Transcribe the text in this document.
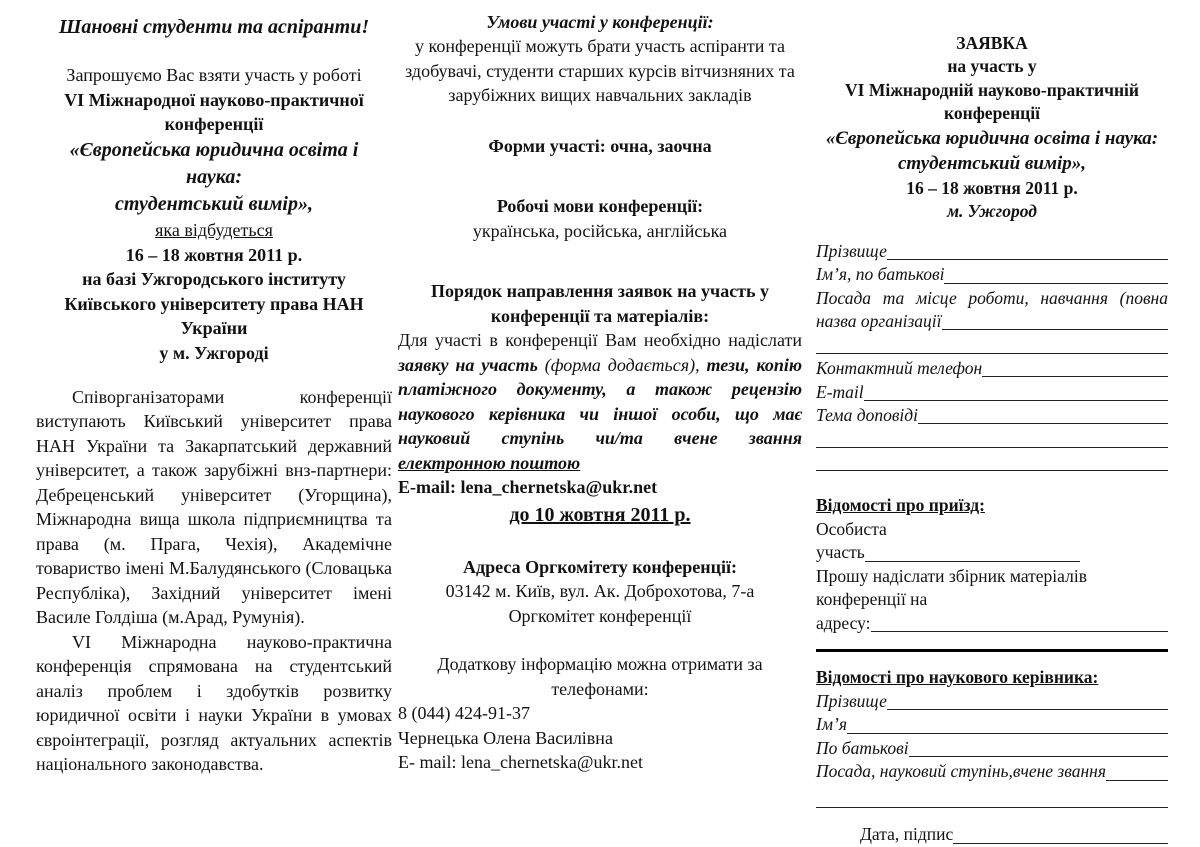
Шановні студенти та аспіранти!
Запрошуємо Вас взяти участь у роботі
VI Міжнародної науково-практичної
конференції
«Європейська юридична освіта і
наука:
студентський вимір»,
яка відбудеться
16 – 18 жовтня 2011 р.
на базі Ужгородського інституту
Київського університету права НАН
України
у м. Ужгороді

Співорганізаторами конференції виступають Київський університет права НАН України та Закарпатський державний університет, а також зарубіжні внз-партнери: Дебреценський університет (Угорщина), Міжнародна вища школа підприємництва та права (м. Прага, Чехія), Академічне товариство імені М.Балудянського (Словацька Республіка), Західний університет імені Василе Голдіша (м.Арад, Румунія).

VI Міжнародна науково-практична конференція спрямована на студентський аналіз проблем і здобутків розвитку юридичної освіти і науки України в умовах євроінтеграції, розгляд актуальних аспектів національного законодавства.

Умови участі у конференції:
у конференції можуть брати участь аспіранти та здобувачі, студенти старших курсів вітчизняних та зарубіжних вищих навчальних закладів
Форми участі: очна, заочна
Робочі мови конференції:
українська, російська, англійська
Порядок направлення заявок на участь у конференції та матеріалів:

Для участі в конференції Вам необхідно надіслати заявку на участь (форма додається), тези, копію платіжного документу, а також рецензію наукового керівника чи іншої особи, що має науковий ступінь чи/та вчене звання електронною поштою

E-mail: lena_chernetska@ukr.net
до 10 жовтня 2011 р.
Адреса Оргкомітету конференції:
03142 м. Київ, вул. Ак. Доброхотова, 7-а
Оргкомітет конференції
Додаткову інформацію можна отримати за телефонами:
8 (044) 424-91-37
Чернецька Олена Василівна
E- mail: lena_chernetska@ukr.net
ЗАЯВКА
на участь у
VI Міжнародній науково-практичній
конференції
«Європейська юридична освіта і наука:
студентський вимір»,
16 – 18 жовтня 2011 р.
м. Ужгород
Прізвище
Ім’я, по батькові
Посада та місце роботи, навчання (повна
назва організації
Контактний телефон
E-mail
Тема доповіді
Відомості про приїзд:
Особиста
участь
Прошу надіслати збірник матеріалів
конференції на
адресу:
Відомості про наукового керівника:
Прізвище
Ім’я
По батькові
Посада, науковий ступінь,вчене звання
Дата, підпис
